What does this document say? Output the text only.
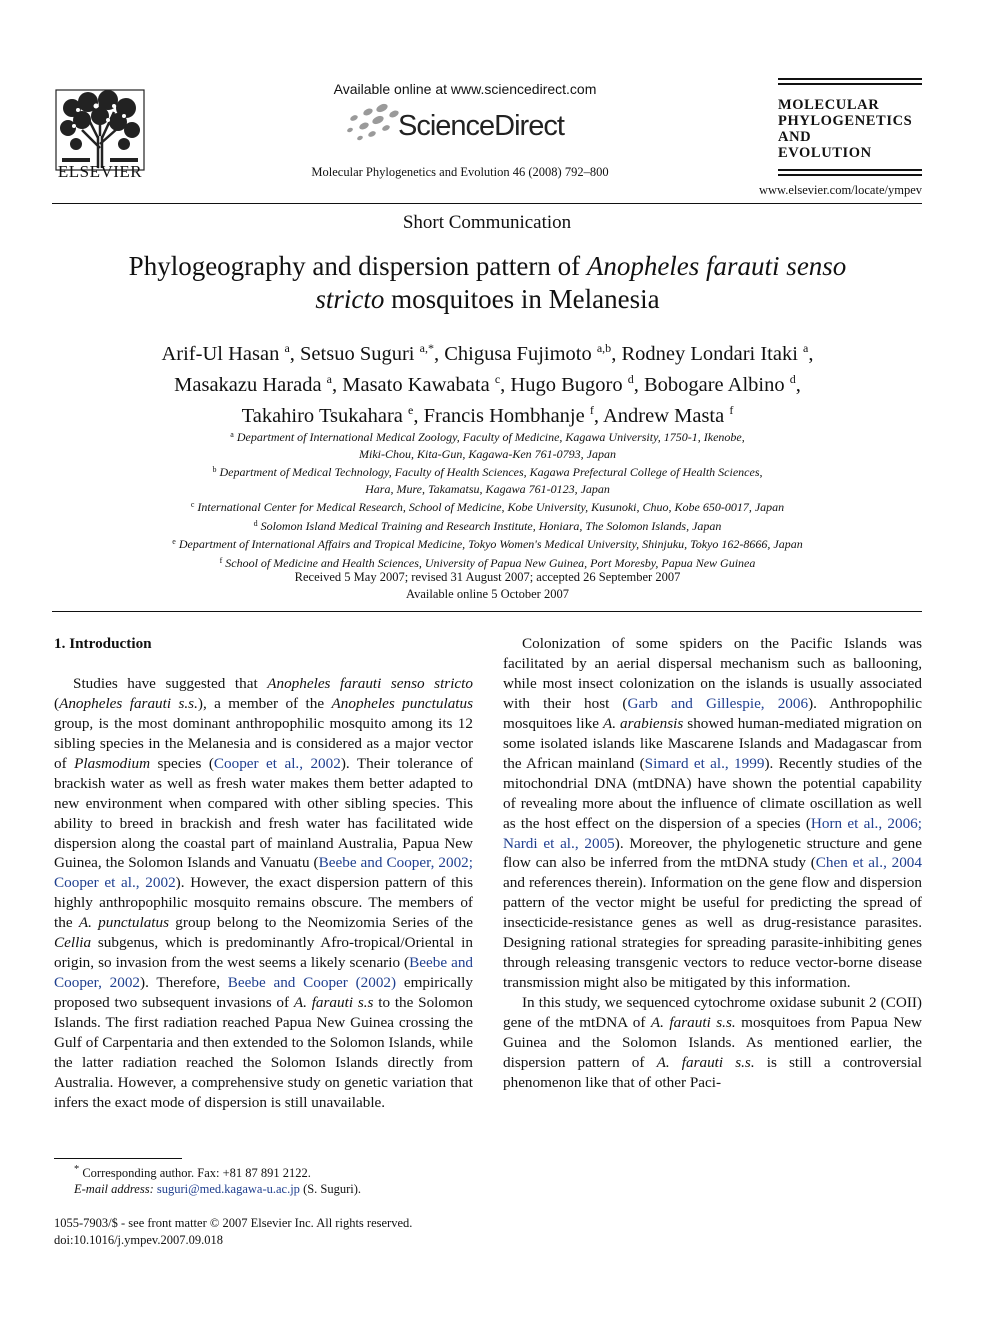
ELSEVIER
Available online at www.sciencedirect.com
ScienceDirect
Molecular Phylogenetics and Evolution 46 (2008) 792–800
MOLECULAR
PHYLOGENETICS
AND
EVOLUTION
www.elsevier.com/locate/ympev
Short Communication
Phylogeography and dispersion pattern of Anopheles farauti senso
stricto mosquitoes in Melanesia
Arif-Ul Hasan $^a$, Setsuo Suguri $^{a,*}$, Chigusa Fujimoto $^{a,b}$, Rodney Londari Itaki $^a$,
Masakazu Harada $^a$, Masato Kawabata $^c$, Hugo Bugoro $^d$, Bobogare Albino $^d$,
Takahiro Tsukahara $^e$, Francis Hombhanje $^f$, Andrew Masta $^f$
$^a$ Department of International Medical Zoology, Faculty of Medicine, Kagawa University, 1750-1, Ikenobe,
Miki-Chou, Kita-Gun, Kagawa-Ken 761-0793, Japan
$^b$ Department of Medical Technology, Faculty of Health Sciences, Kagawa Prefectural College of Health Sciences,
Hara, Mure, Takamatsu, Kagawa 761-0123, Japan
$^c$ International Center for Medical Research, School of Medicine, Kobe University, Kusunoki, Chuo, Kobe 650-0017, Japan
$^d$ Solomon Island Medical Training and Research Institute, Honiara, The Solomon Islands, Japan
$^e$ Department of International Affairs and Tropical Medicine, Tokyo Women's Medical University, Shinjuku, Tokyo 162-8666, Japan
$^f$ School of Medicine and Health Sciences, University of Papua New Guinea, Port Moresby, Papua New Guinea
Received 5 May 2007; revised 31 August 2007; accepted 26 September 2007
Available online 5 October 2007

1. Introduction

Studies have suggested that Anopheles farauti senso stricto (Anopheles farauti s.s.), a member of the Anopheles punctulatus group, is the most dominant anthropophilic mosquito among its 12 sibling species in the Melanesia and is considered as a major vector of Plasmodium species (Cooper et al., 2002). Their tolerance of brackish water as well as fresh water makes them better adapted to new environment when compared with other sibling species. This ability to breed in brackish and fresh water has facilitated wide dispersion along the coastal part of mainland Australia, Papua New Guinea, the Solomon Islands and Vanuatu (Beebe and Cooper, 2002; Cooper et al., 2002). However, the exact dispersion pattern of this highly anthropophilic mosquito remains obscure. The members of the A. punctulatus group belong to the Neomizomia Series of the Cellia subgenus, which is predominantly Afro-tropical/Oriental in origin, so invasion from the west seems a likely scenario (Beebe and Cooper, 2002). Therefore, Beebe and Cooper (2002) empirically proposed two subsequent invasions of A. farauti s.s to the Solomon Islands. The first radiation reached Papua New Guinea crossing the Gulf of Carpentaria and then extended to the Solomon Islands, while the latter radiation reached the Solomon Islands directly from Australia. However, a comprehensive study on genetic variation that infers the exact mode of dispersion is still unavailable.

Colonization of some spiders on the Pacific Islands was facilitated by an aerial dispersal mechanism such as ballooning, while most insect colonization on the islands is usually associated with their host (Garb and Gillespie, 2006). Anthropophilic mosquitoes like A. arabiensis showed human-mediated migration on some isolated islands like Mascarene Islands and Madagascar from the African mainland (Simard et al., 1999). Recently studies of the mitochondrial DNA (mtDNA) have shown the potential capability of revealing more about the influence of climate oscillation as well as the host effect on the dispersion of a species (Horn et al., 2006; Nardi et al., 2005). Moreover, the phylogenetic structure and gene flow can also be inferred from the mtDNA study (Chen et al., 2004 and references therein). Information on the gene flow and dispersion pattern of the vector might be useful for predicting the spread of insecticide-resistance genes as well as drug-resistance parasites. Designing rational strategies for spreading parasite-inhibiting genes through releasing transgenic vectors to reduce vector-borne disease transmission might also be mitigated by this information.

In this study, we sequenced cytochrome oxidase subunit 2 (COII) gene of the mtDNA of A. farauti s.s. mosquitoes from Papua New Guinea and the Solomon Islands. As mentioned earlier, the dispersion pattern of A. farauti s.s. is still a controversial phenomenon like that of other Paci-

* Corresponding author. Fax: +81 87 891 2122.
E-mail address: suguri@med.kagawa-u.ac.jp (S. Suguri).
1055-7903/$ - see front matter © 2007 Elsevier Inc. All rights reserved.
doi:10.1016/j.ympev.2007.09.018
